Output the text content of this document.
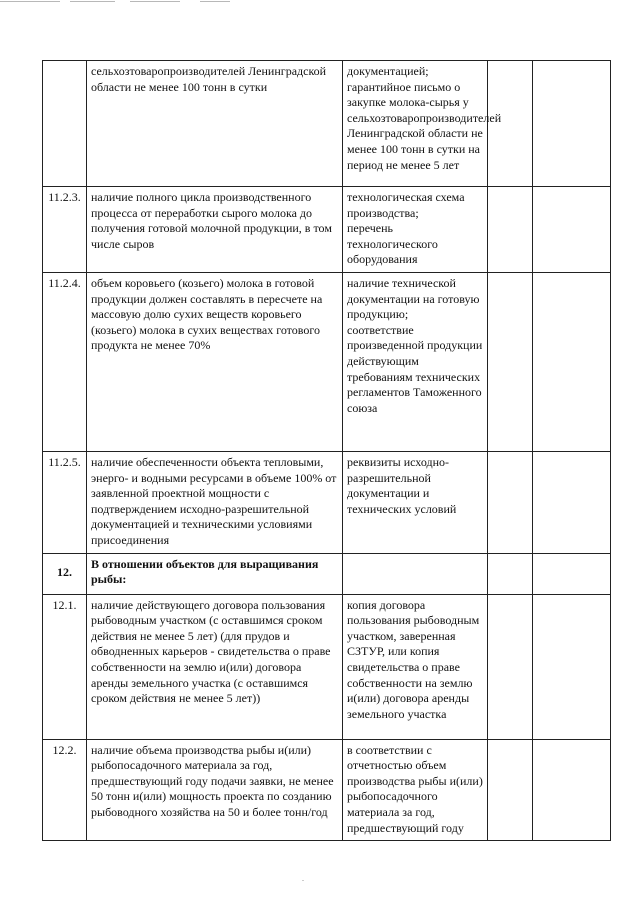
	сельхозтоваропроизводителей Ленинградской области не менее 100 тонн в сутки	документацией;
гарантийное письмо о закупке молока-сырья у сельхозтоваропроизводителей Ленинградской области не менее 100 тонн в сутки на период не менее 5 лет		
11.2.3.	наличие полного цикла производственного процесса от переработки сырого молока до получения готовой молочной продукции, в том числе сыров	технологическая схема производства;
перечень технологического оборудования		
11.2.4.	объем коровьего (козьего) молока в готовой продукции должен составлять в пересчете на массовую долю сухих веществ коровьего (козьего) молока в сухих веществах готового продукта не менее 70%	наличие технической документации на готовую продукцию;
соответствие произведенной продукции действующим требованиям технических регламентов Таможенного союза		
11.2.5.	наличие обеспеченности объекта тепловыми, энерго- и водными ресурсами в объеме 100% от заявленной проектной мощности с подтверждением исходно-разрешительной документацией и техническими условиями присоединения	реквизиты исходно-разрешительной документации и технических условий		
12.	В отношении объектов для выращивания рыбы:			
12.1.	наличие действующего договора пользования рыбоводным участком (с оставшимся сроком действия не менее 5 лет) (для прудов и обводненных карьеров - свидетельства о праве собственности на землю и(или) договора аренды земельного участка (с оставшимся сроком действия не менее 5 лет))	копия договора пользования рыбоводным участком, заверенная СЗТУР, или копия свидетельства о праве собственности на землю и(или) договора аренды земельного участка		
12.2.	наличие объема производства рыбы и(или) рыбопосадочного материала за год, предшествующий году подачи заявки, не менее 50 тонн и(или) мощность проекта по созданию рыбоводного хозяйства на 50 и более тонн/год	в соответствии с отчетностью объем производства рыбы и(или) рыбопосадочного материала за год, предшествующий году		
